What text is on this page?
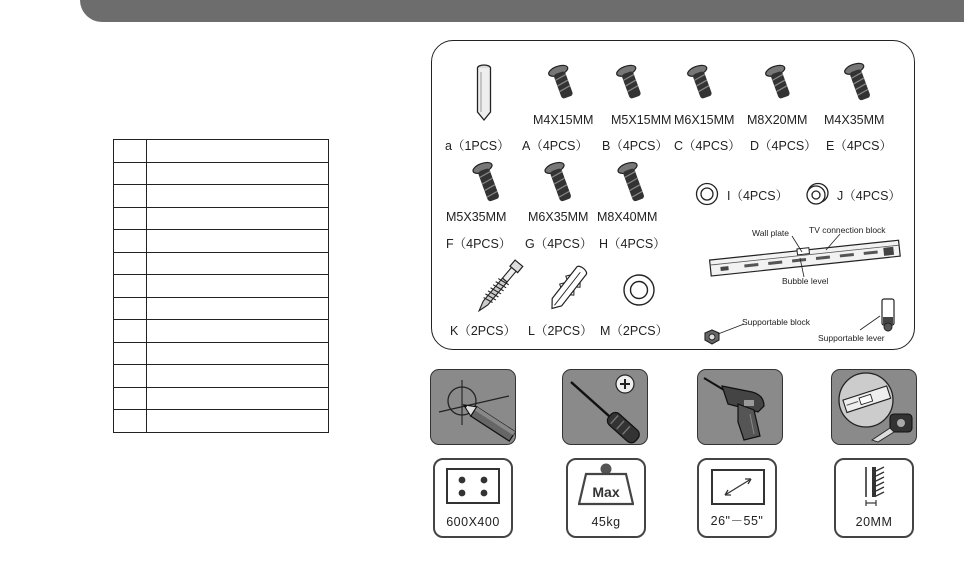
M4X15MM M5X15MM M6X15MM M8X20MM M4X35MM
a（1PCS） A（4PCS） B（4PCS） C（4PCS） D（4PCS） E（4PCS）
I（4PCS）	J（4PCS）
M5X35MM M6X35MM M8X40MM
F（4PCS） G（4PCS） H（4PCS）
Wall plate TV connection block
Bubble level
K（2PCS） L（2PCS） M（2PCS）
Supportable block
Supportable lever
600X400
Max
45kg	26"－55"	20MM
